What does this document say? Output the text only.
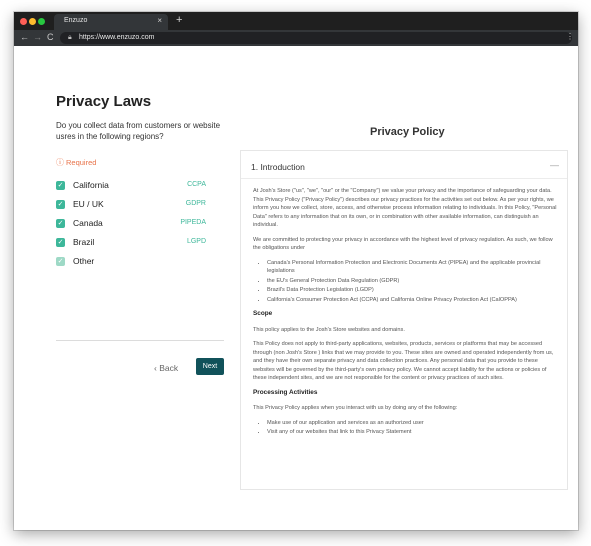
Enzuzo	× +
← → C 🔒︎ https://www.enzuzo.com	⋮
Privacy Laws

Do you collect data from customers or website usres in the following regions?

ⓘ Required
✓ California	CCPA
✓ EU / UK	GDPR
✓ Canada	PIPEDA
✓ Brazil	LGPD
✓ Other
‹ Back	Next
Privacy Policy
1. Introduction	—

At Josh's Store ("us", "we", "our" or the "Company") we value your privacy and the importance of safeguarding your data. This Privacy Policy ("Privacy Policy") describes our privacy practices for the activities set out below. As per your rights, we inform you how we collect, store, access, and otherwise process information relating to individuals. In this Policy, "Personal Data" refers to any information that on its own, or in combination with other available information, can distinguish an individual.

We are committed to protecting your privacy in accordance with the highest level of privacy regulation. As such, we follow the obligations under

• Canada's Personal Information Protection and Electronic Documents Act (PIPEA) and the applicable provincial legislations
• the EU's General Protection Data Regulation (GDPR)
• Brazil's Data Protection Legislation (LGDP)
• California's Consumer Protection Act (CCPA) and California Online Privacy Protection Act (CalOPPA)
Scope

This policy applies to the Josh's Store websites and domains.

This Policy does not apply to third-party applications, websites, products, services or platforms that may be accessed through (non Josh's Store ) links that we may provide to you. These sites are owned and operated independently from us, and they have their own separate privacy and data collection practices. Any personal data that you provide to these websites will be governed by the third-party's own privacy policy. We cannot accept liability for the actions or policies of these independent sites, and we are not responsible for the content or privacy practices of such sites.

Processing Activities

This Privacy Policy applies when you interact with us by doing any of the following:

• Make use of our application and services as an authorized user
• Visit any of our websites that link to this Privacy Statement
